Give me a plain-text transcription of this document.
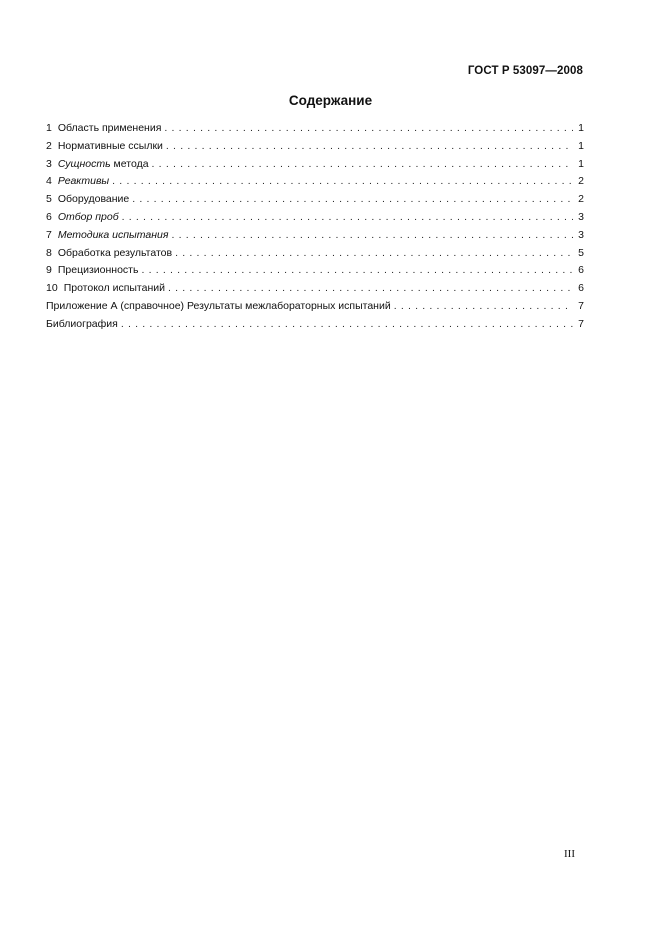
ГОСТ Р 53097—2008
Содержание
1 Область применения . . .	1
2 Нормативные ссылки . . .	1
3 Сущность метода . . .	1
4 Реактивы . . .	2
5 Оборудование . . .	2
6 Отбор проб . . .	3
7 Методика испытания . . .	3
8 Обработка результатов . . .	5
9 Прецизионность . . .	6
10 Протокол испытаний . . .	6
Приложение А (справочное) Результаты межлабораторных испытаний . . .	7
Библиография . . .	7
III
